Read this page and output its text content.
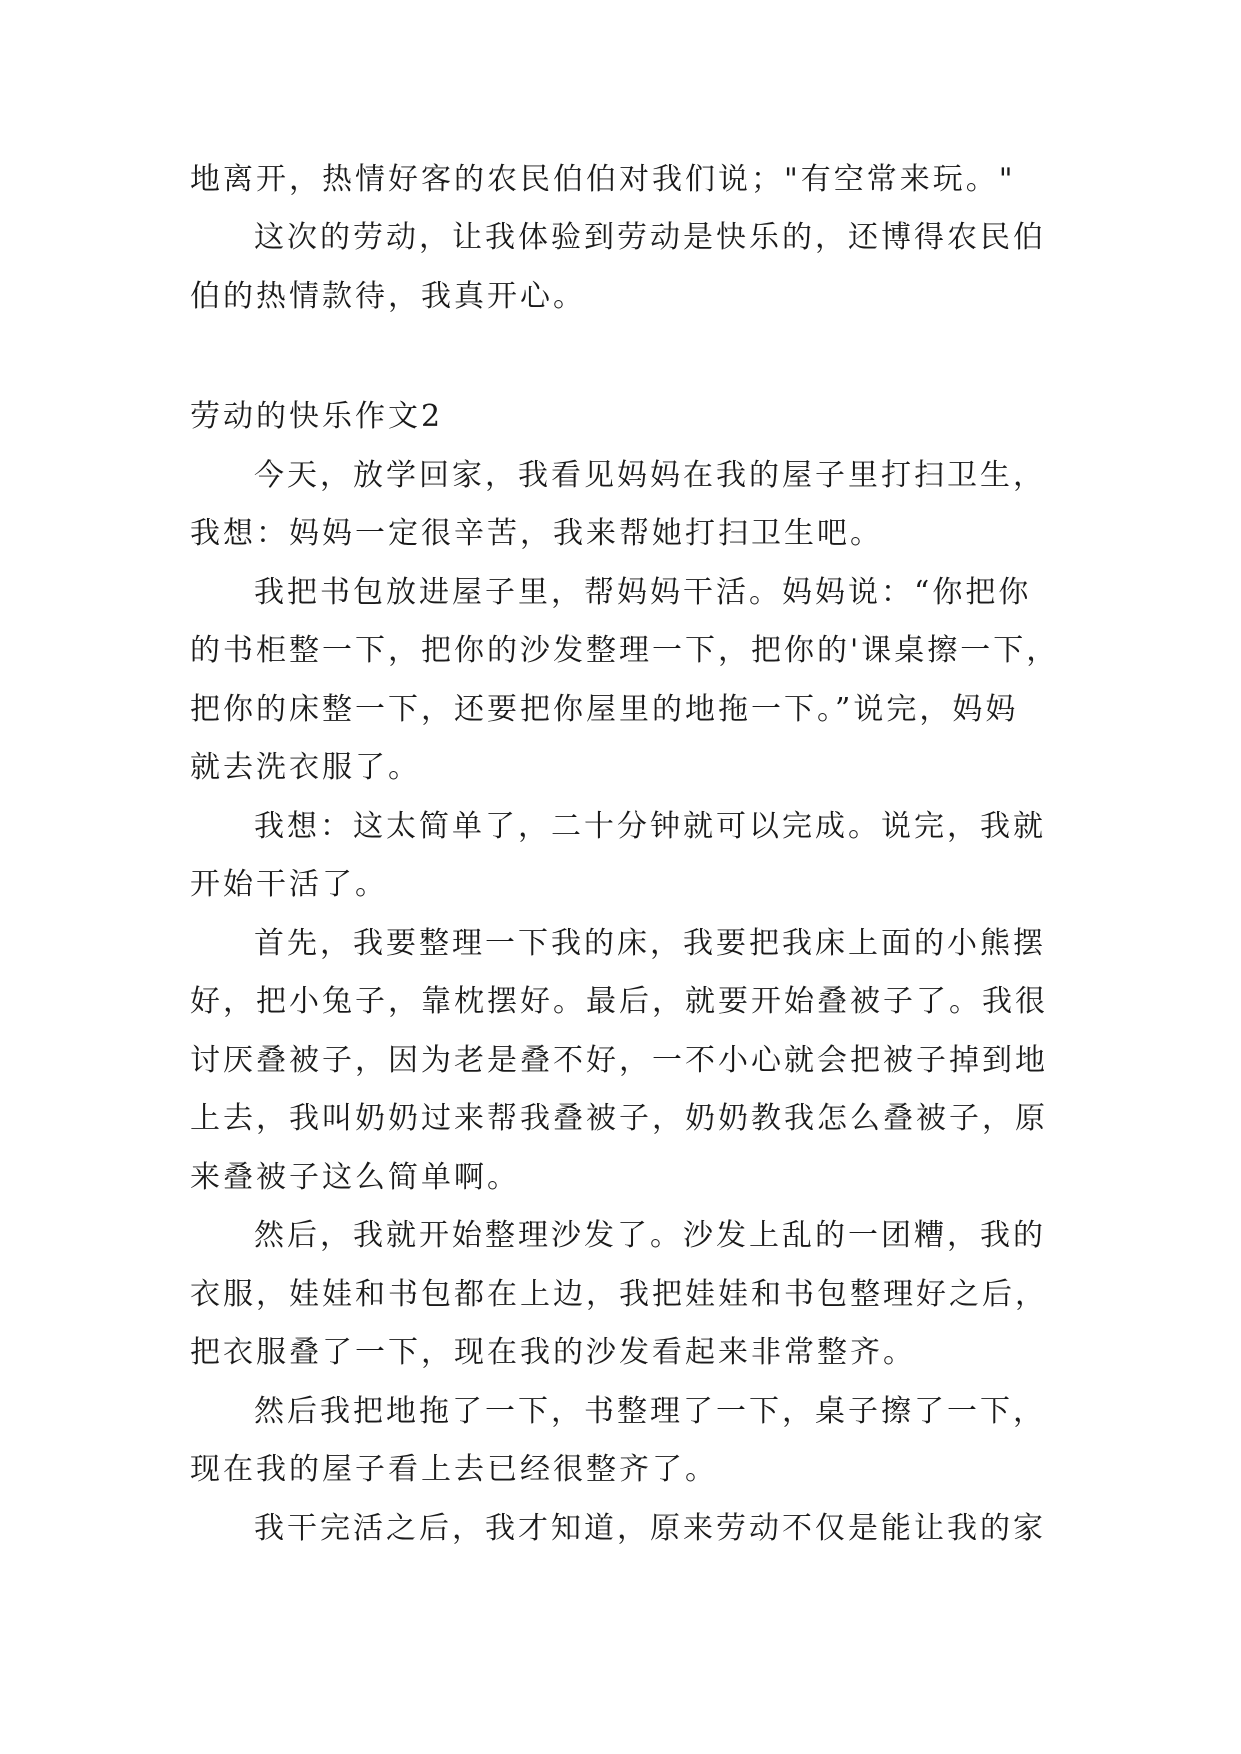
地离开，热情好客的农民伯伯对我们说；"有空常来玩。"
这次的劳动，让我体验到劳动是快乐的，还博得农民伯
伯的热情款待，我真开心。
劳动的快乐作文2
今天，放学回家，我看见妈妈在我的屋子里打扫卫生，
我想：妈妈一定很辛苦，我来帮她打扫卫生吧。
我把书包放进屋子里，帮妈妈干活。妈妈说：“你把你
的书柜整一下，把你的沙发整理一下，把你的'课桌擦一下，
把你的床整一下，还要把你屋里的地拖一下。”说完，妈妈
就去洗衣服了。
我想：这太简单了，二十分钟就可以完成。说完，我就
开始干活了。
首先，我要整理一下我的床，我要把我床上面的小熊摆
好，把小兔子，靠枕摆好。最后，就要开始叠被子了。我很
讨厌叠被子，因为老是叠不好，一不小心就会把被子掉到地
上去，我叫奶奶过来帮我叠被子，奶奶教我怎么叠被子，原
来叠被子这么简单啊。
然后，我就开始整理沙发了。沙发上乱的一团糟，我的
衣服，娃娃和书包都在上边，我把娃娃和书包整理好之后，
把衣服叠了一下，现在我的沙发看起来非常整齐。
然后我把地拖了一下，书整理了一下，桌子擦了一下，
现在我的屋子看上去已经很整齐了。
我干完活之后，我才知道，原来劳动不仅是能让我的家
